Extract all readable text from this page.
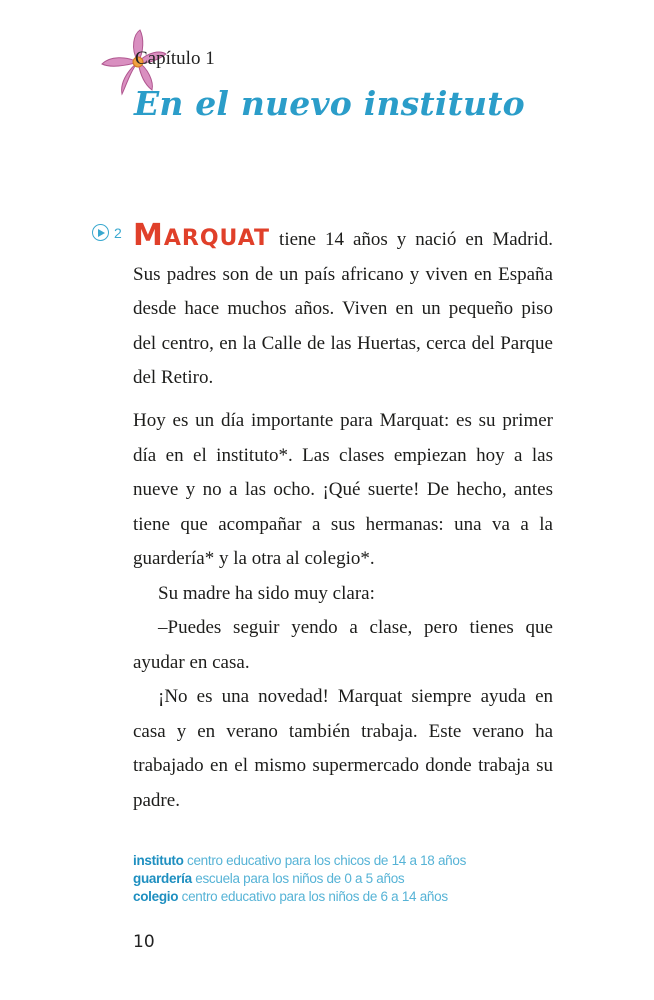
Capítulo 1
En el nuevo instituto
2 MARQUAT tiene 14 años y nació en Madrid. Sus padres son de un país africano y viven en España desde hace muchos años. Viven en un pequeño piso del centro, en la Calle de las Huertas, cerca del Parque del Retiro.

Hoy es un día importante para Marquat: es su primer día en el instituto*. Las clases empiezan hoy a las nueve y no a las ocho. ¡Qué suerte! De hecho, antes tiene que acompañar a sus hermanas: una va a la guardería* y la otra al colegio*.

Su madre ha sido muy clara:

–Puedes seguir yendo a clase, pero tienes que ayudar en casa.

¡No es una novedad! Marquat siempre ayuda en casa y en verano también trabaja. Este verano ha trabajado en el mismo supermercado donde trabaja su padre.

instituto centro educativo para los chicos de 14 a 18 años
guardería escuela para los niños de 0 a 5 años
colegio centro educativo para los niños de 6 a 14 años
10
